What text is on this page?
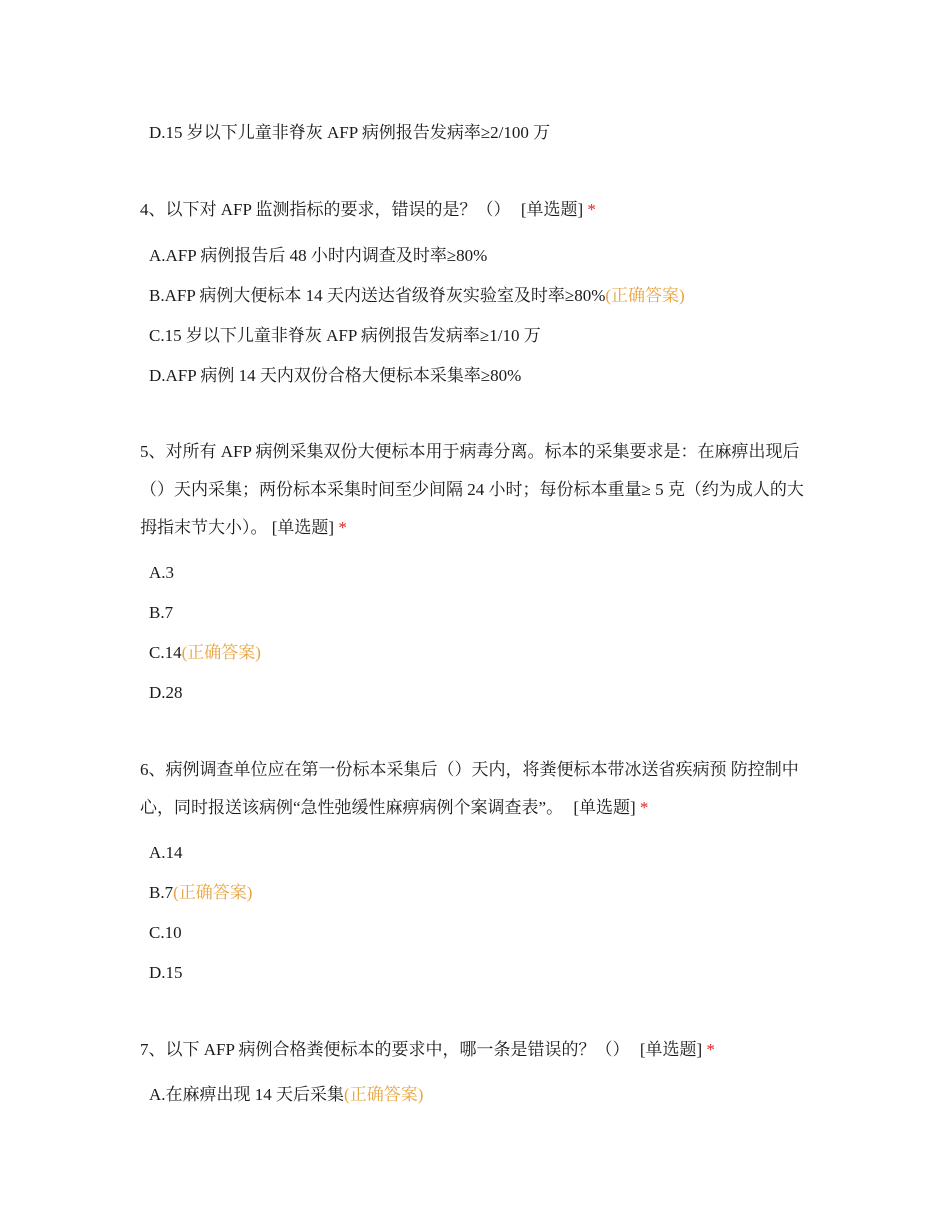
D.15 岁以下儿童非脊灰 AFP 病例报告发病率≥2/100 万
4、以下对 AFP 监测指标的要求，错误的是？（） [单选题] *
A.AFP 病例报告后 48 小时内调查及时率≥80%
B.AFP 病例大便标本 14 天内送达省级脊灰实验室及时率≥80%(正确答案)
C.15 岁以下儿童非脊灰 AFP 病例报告发病率≥1/10 万
D.AFP 病例 14 天内双份合格大便标本采集率≥80%
5、对所有 AFP 病例采集双份大便标本用于病毒分离。标本的采集要求是：在麻痹出现后（）天内采集；两份标本采集时间至少间隔 24 小时；每份标本重量≥ 5 克（约为成人的大拇指末节大小）。 [单选题] *
A.3
B.7
C.14(正确答案)
D.28
6、病例调查单位应在第一份标本采集后（）天内，将粪便标本带冰送省疾病预 防控制中心，同时报送该病例“急性弛缓性麻痹病例个案调查表”。 [单选题] *
A.14
B.7(正确答案)
C.10
D.15
7、以下 AFP 病例合格粪便标本的要求中，哪一条是错误的？（） [单选题] *
A.在麻痹出现 14 天后采集(正确答案)
